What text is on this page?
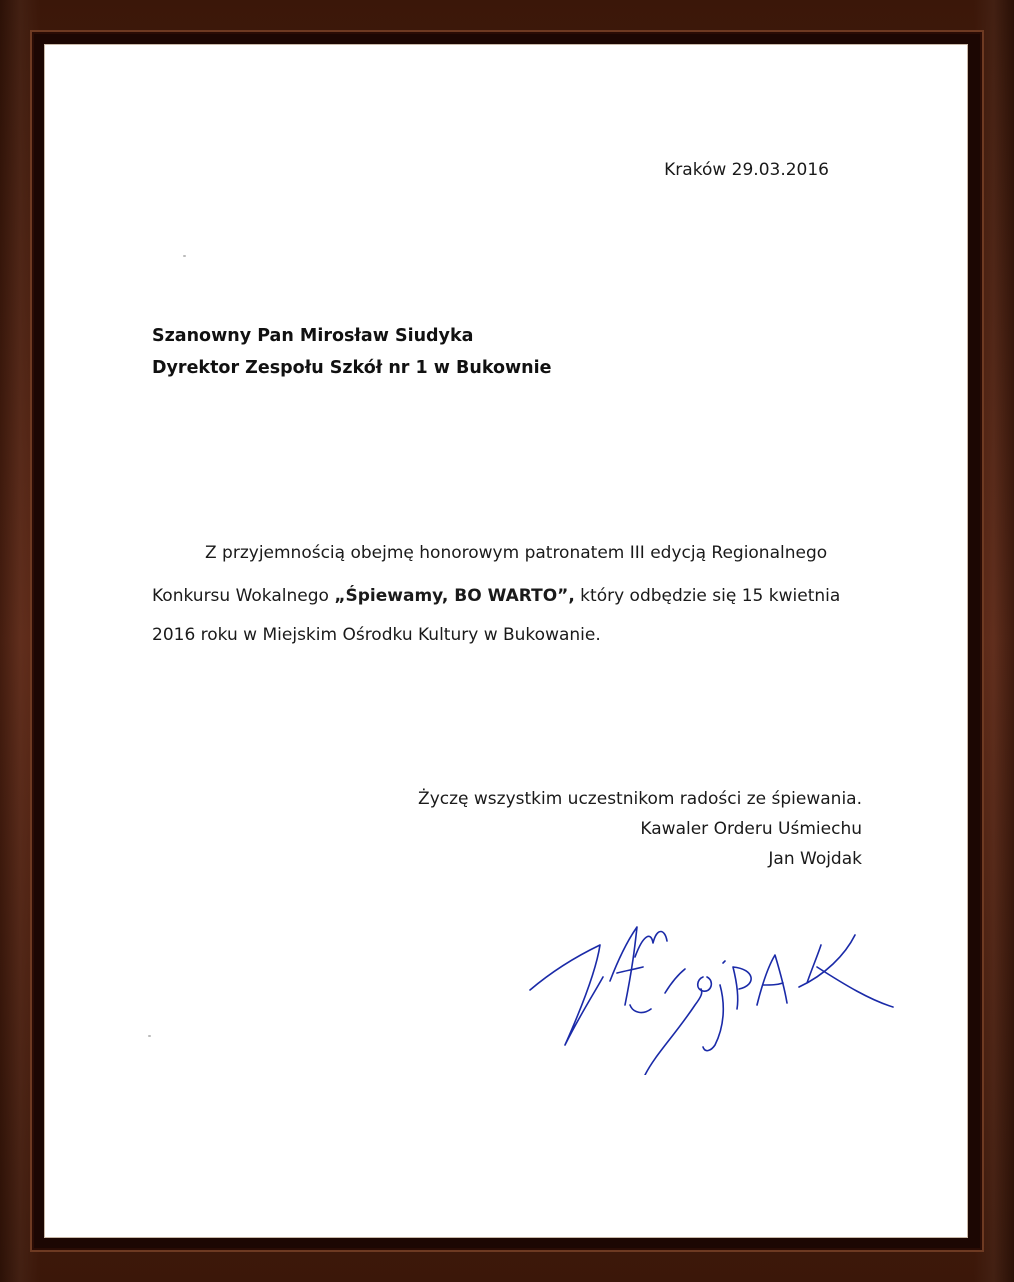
Kraków 29.03.2016
Szanowny Pan Mirosław Siudyka
Dyrektor Zespołu Szkół nr 1 w Bukownie
Z przyjemnością obejmę honorowym patronatem III edycją Regionalnego
Konkursu Wokalnego „Śpiewamy, BO WARTO”, który odbędzie się 15 kwietnia
2016 roku w Miejskim Ośrodku Kultury w Bukowanie.
Życzę wszystkim uczestnikom radości ze śpiewania.
Kawaler Orderu Uśmiechu
Jan Wojdak
